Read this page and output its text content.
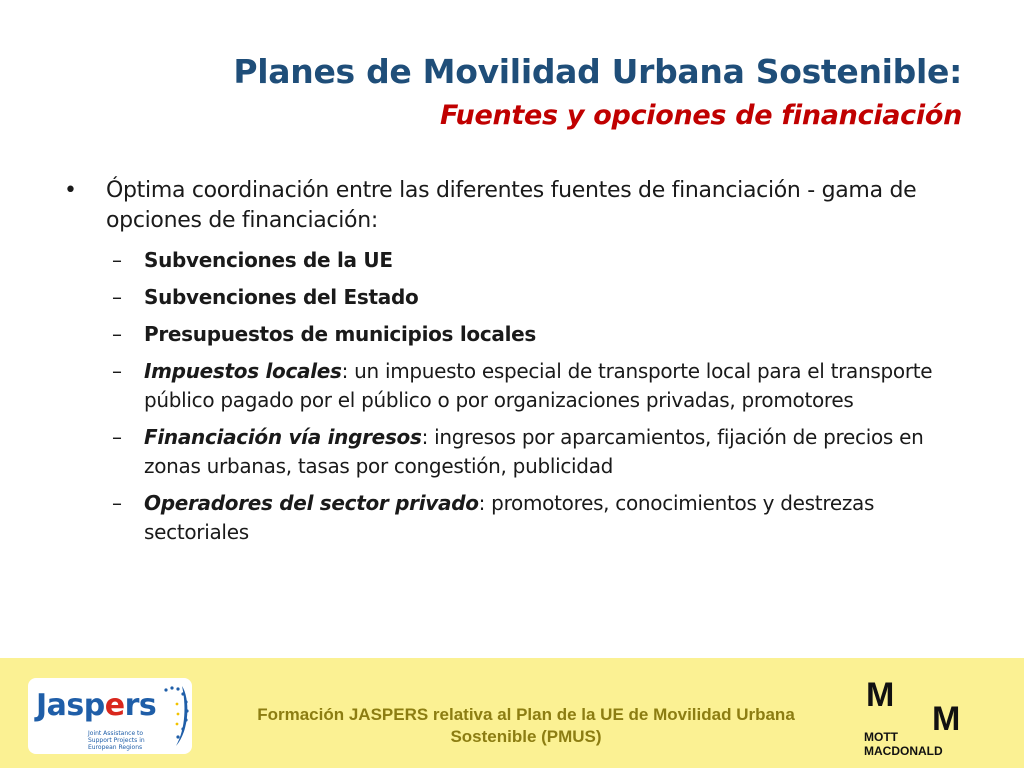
Planes de Movilidad Urbana Sostenible:
Fuentes y opciones de financiación
•	Óptima coordinación entre las diferentes fuentes de financiación - gama de opciones de financiación:
–	Subvenciones de la UE
–	Subvenciones del Estado
–	Presupuestos de municipios locales
–	Impuestos locales: un impuesto especial de transporte local para el transporte público pagado por el público o por organizaciones privadas, promotores
–	Financiación vía ingresos: ingresos por aparcamientos, fijación de precios en zonas urbanas, tasas por congestión, publicidad
–	Operadores del sector privado: promotores, conocimientos y destrezas sectoriales
Jaspers
Joint Assistance to Support Projects in European Regions
Formación JASPERS relativa al Plan de la UE de Movilidad Urbana Sostenible (PMUS)
M
M
MOTT
MACDONALD
